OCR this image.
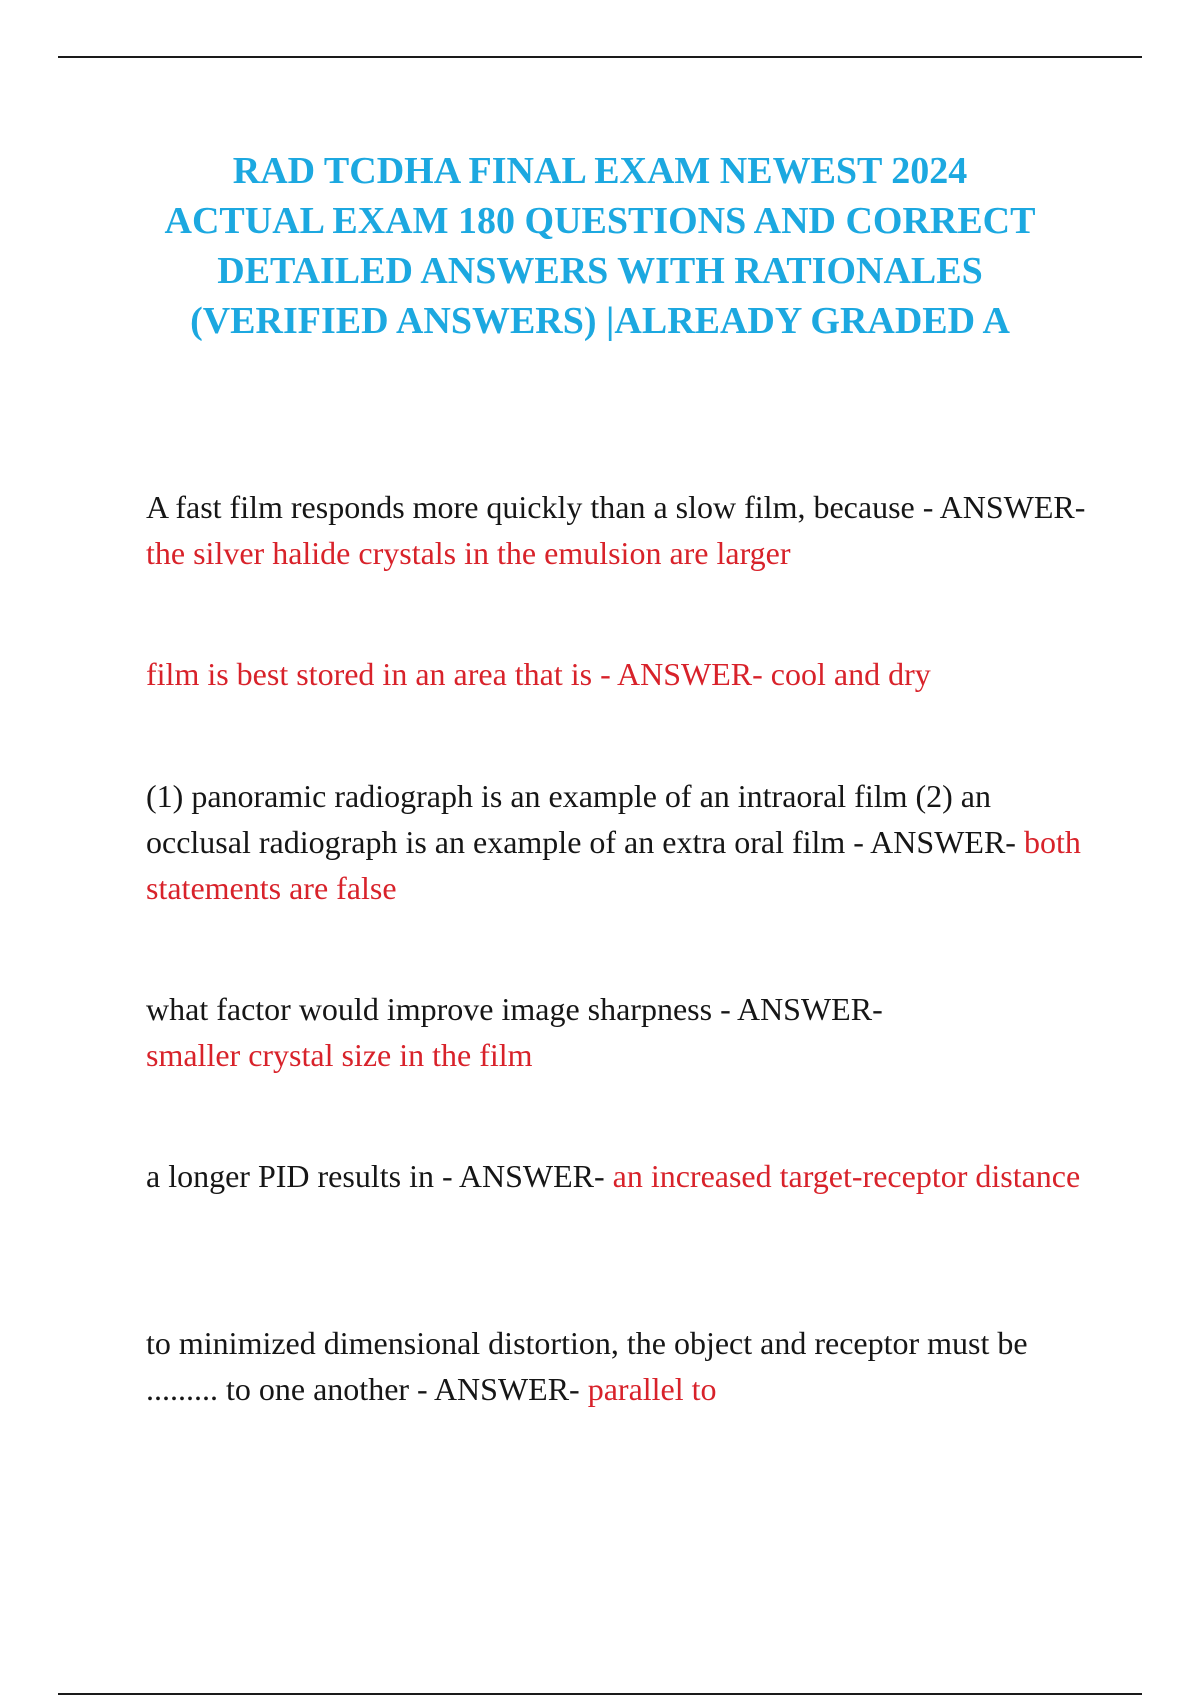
RAD TCDHA FINAL EXAM NEWEST 2024
ACTUAL EXAM 180 QUESTIONS AND CORRECT
DETAILED ANSWERS WITH RATIONALES
(VERIFIED ANSWERS) |ALREADY GRADED A

A fast film responds more quickly than a slow film, because - ANSWER- the silver halide crystals in the emulsion are larger

film is best stored in an area that is - ANSWER- cool and dry

(1) panoramic radiograph is an example of an intraoral film (2) an occlusal radiograph is an example of an extra oral film - ANSWER- both statements are false

what factor would improve image sharpness - ANSWER-
smaller crystal size in the film

a longer PID results in - ANSWER- an increased target-receptor distance

to minimized dimensional distortion, the object and receptor must be ......... to one another - ANSWER- parallel to
